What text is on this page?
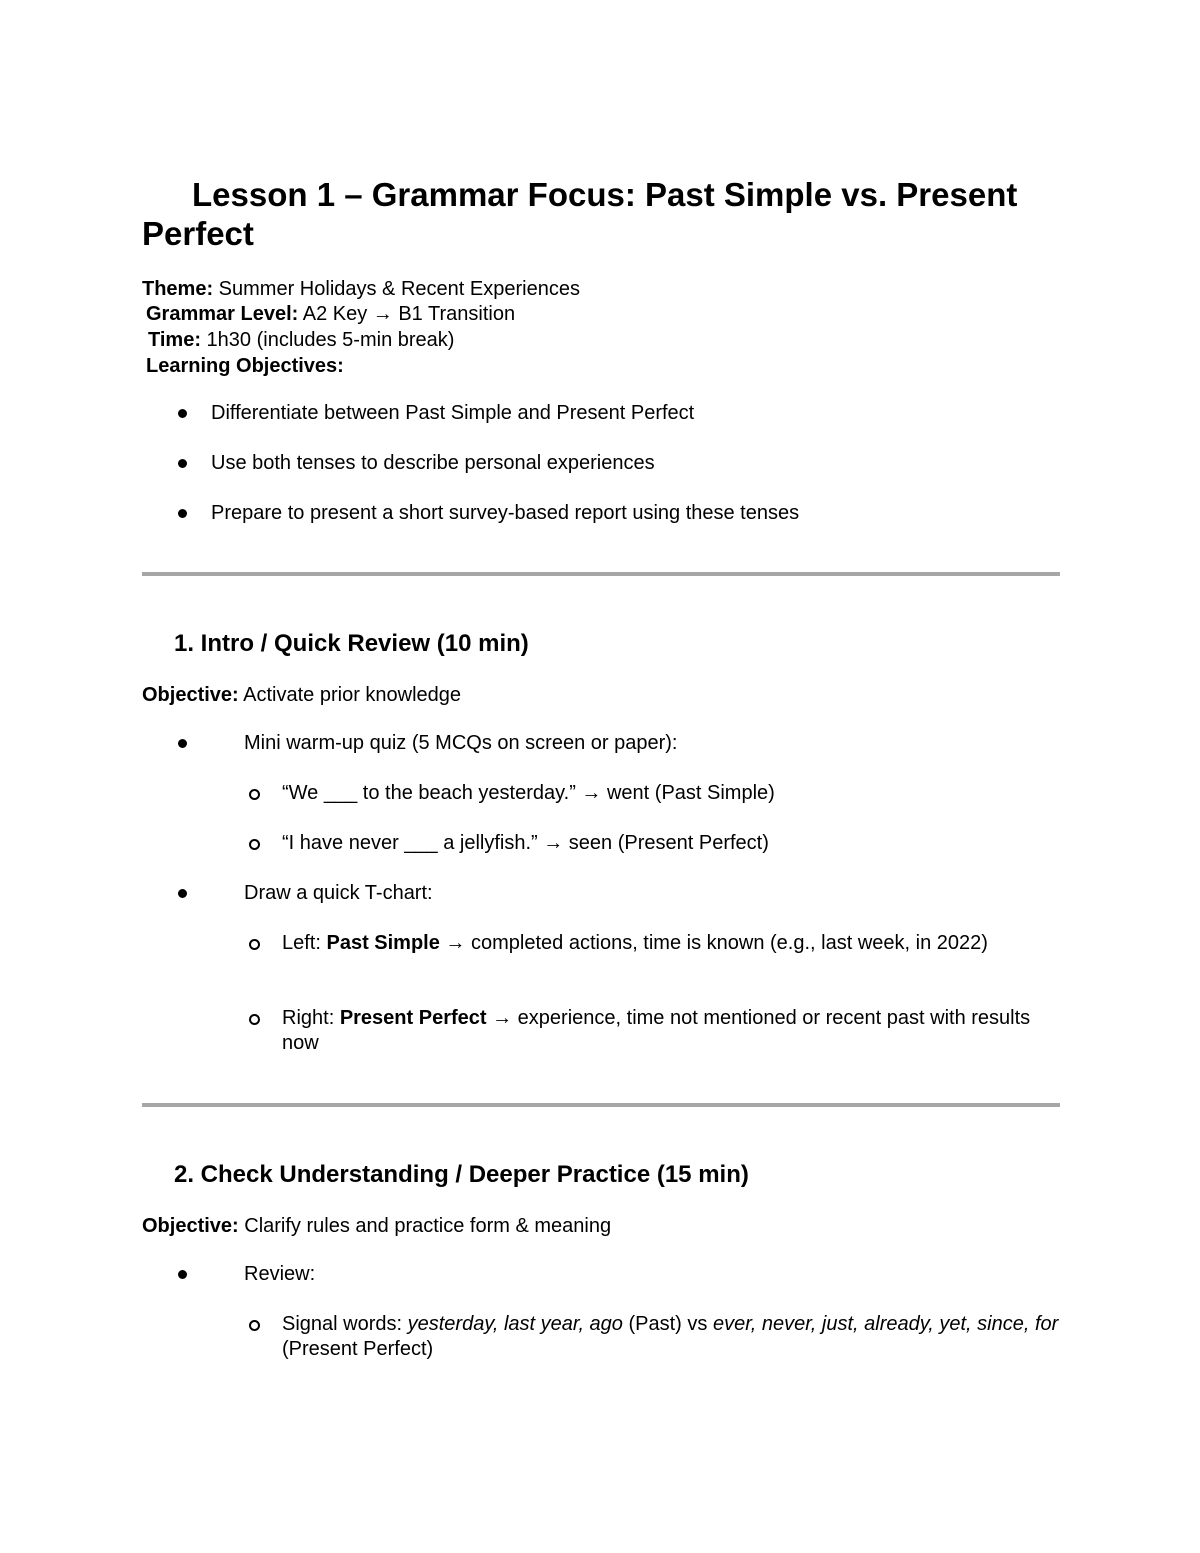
Lesson 1 – Grammar Focus: Past Simple vs. Present Perfect
Theme: Summer Holidays & Recent Experiences
Grammar Level: A2 Key → B1 Transition
Time: 1h30 (includes 5-min break)
Learning Objectives:
Differentiate between Past Simple and Present Perfect
Use both tenses to describe personal experiences
Prepare to present a short survey-based report using these tenses
1. Intro / Quick Review (10 min)
Objective: Activate prior knowledge
Mini warm-up quiz (5 MCQs on screen or paper):
“We ___ to the beach yesterday.” → went (Past Simple)
“I have never ___ a jellyfish.” → seen (Present Perfect)
Draw a quick T-chart:
Left: Past Simple → completed actions, time is known (e.g., last week, in 2022)
Right: Present Perfect → experience, time not mentioned or recent past with results now
2. Check Understanding / Deeper Practice (15 min)
Objective: Clarify rules and practice form & meaning
Review:
Signal words: yesterday, last year, ago (Past) vs ever, never, just, already, yet, since, for (Present Perfect)
